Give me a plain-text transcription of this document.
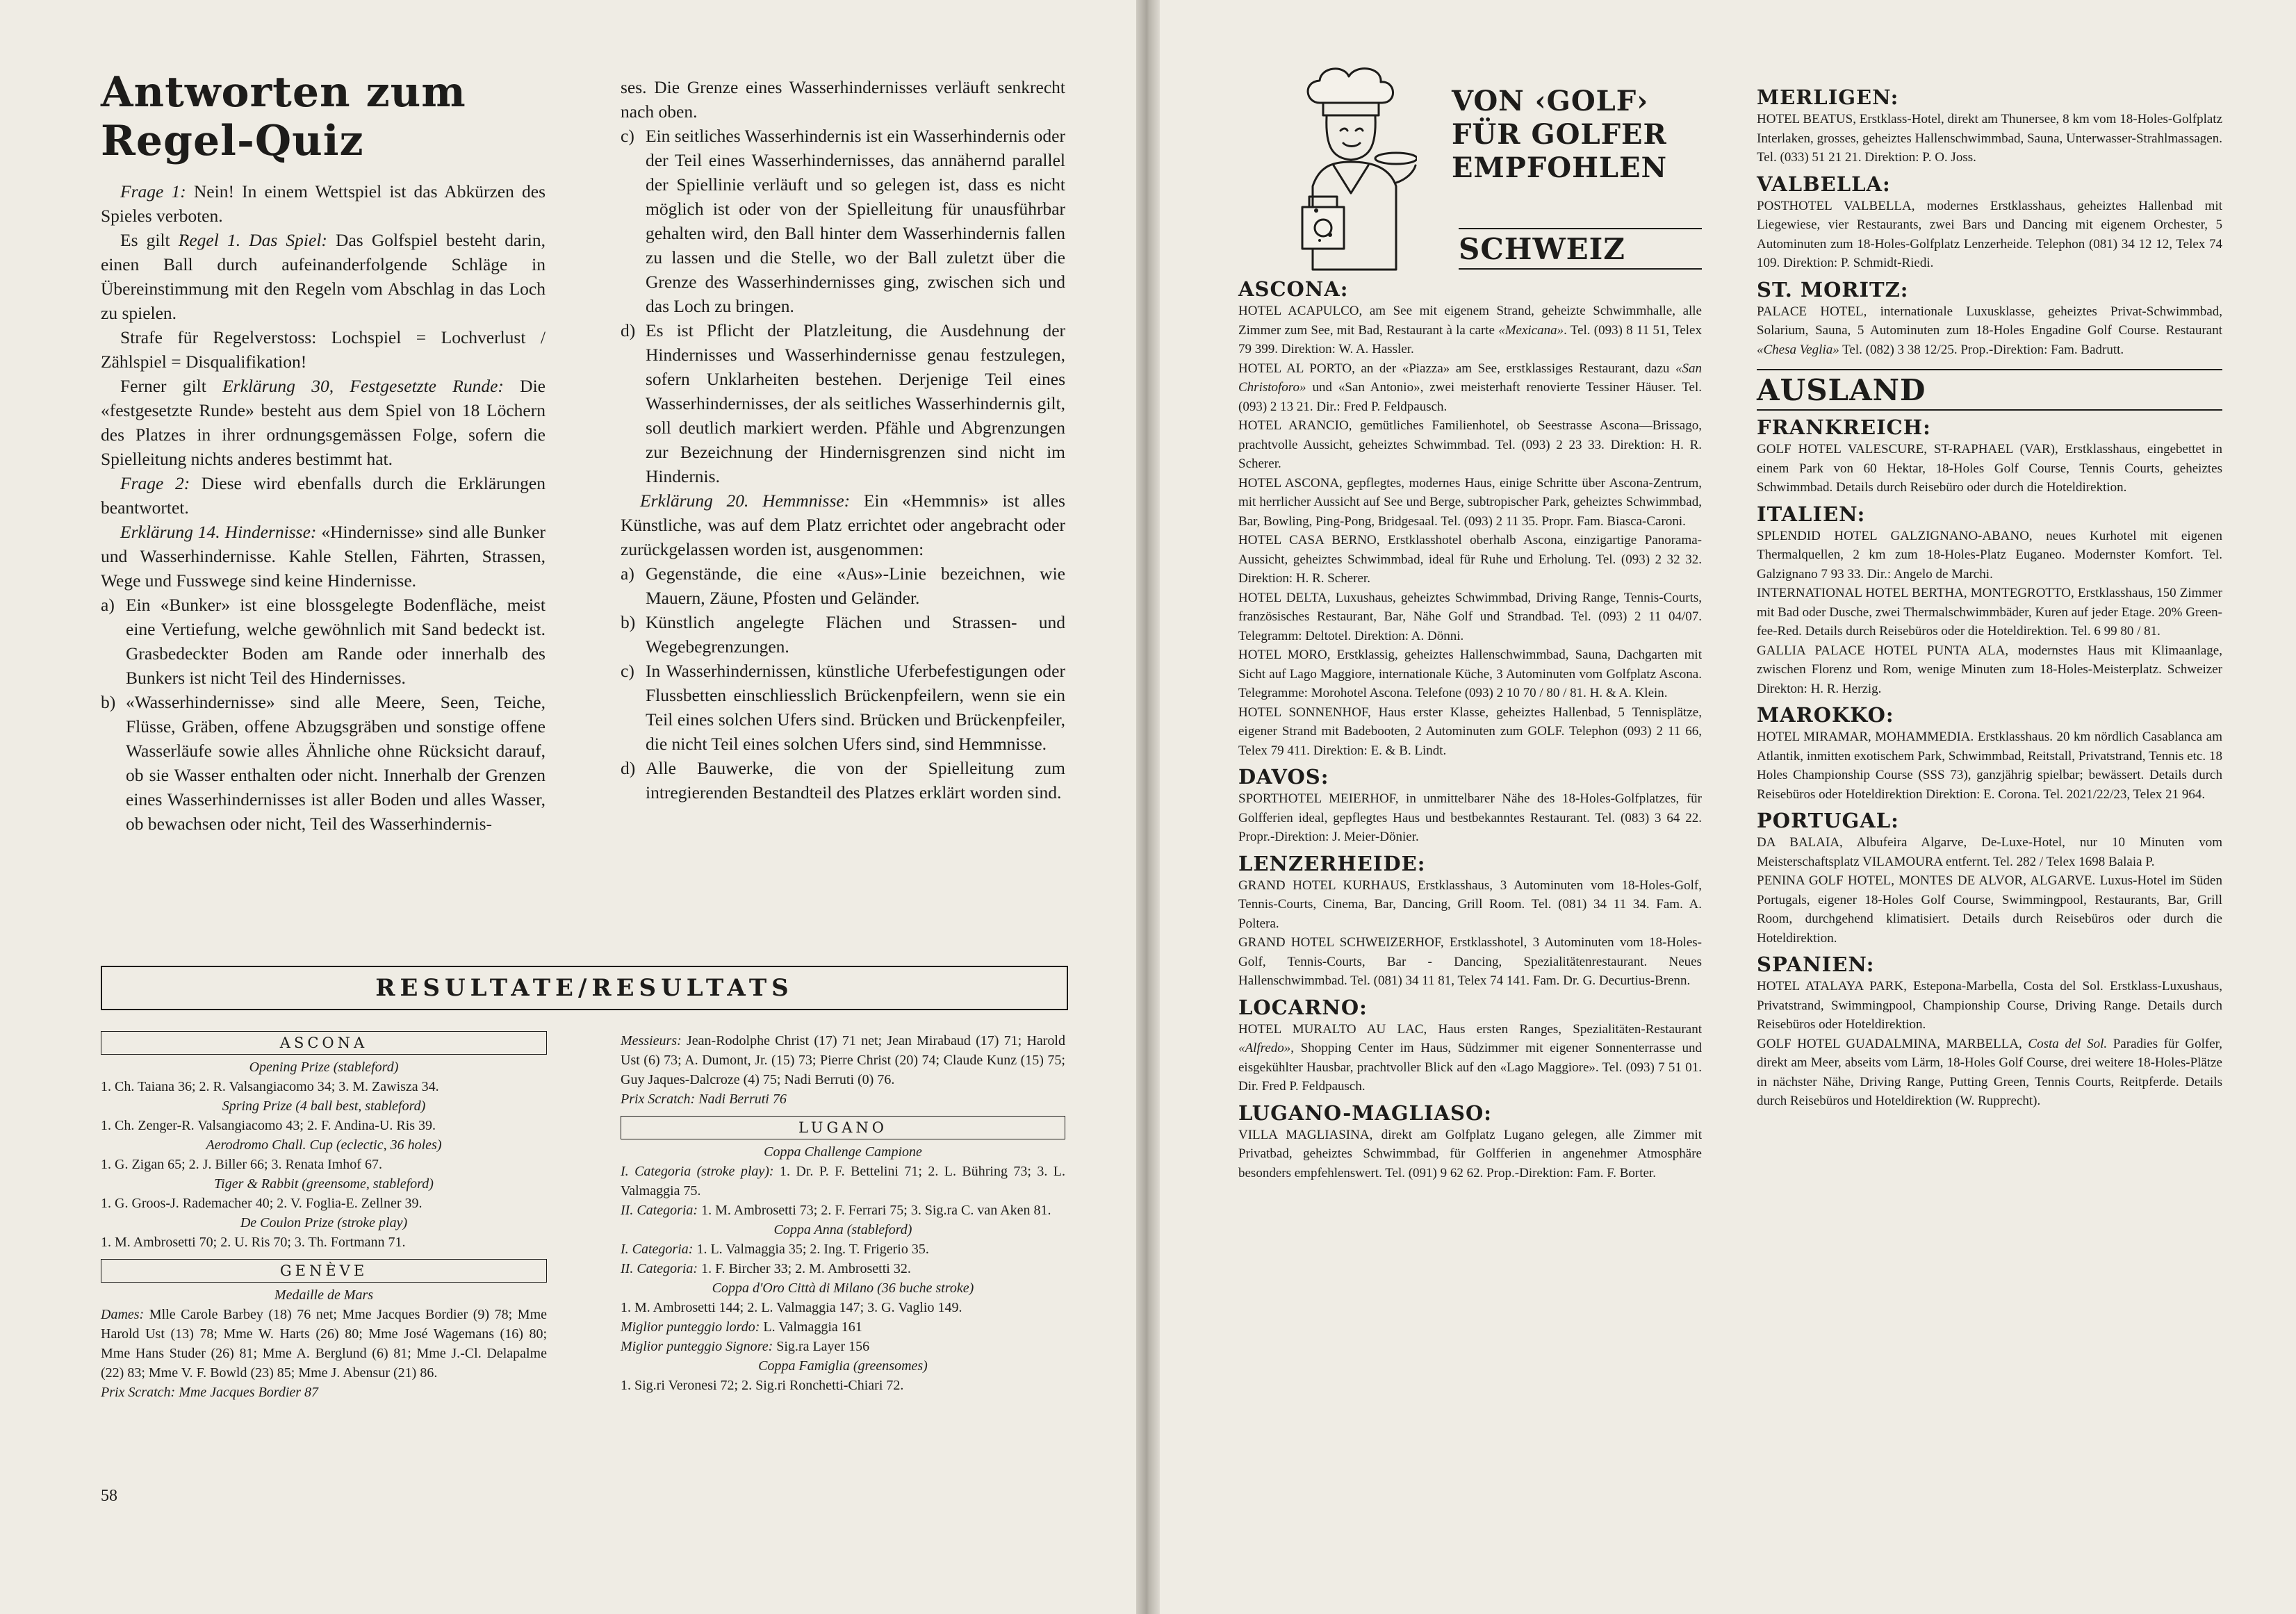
Antworten zum
Regel-Quiz

Frage 1: Nein! In einem Wettspiel ist das Abkürzen des Spieles verboten.

Es gilt Regel 1. Das Spiel: Das Golfspiel besteht darin, einen Ball durch aufeinanderfolgende Schläge in Übereinstimmung mit den Regeln vom Abschlag in das Loch zu spielen.

Strafe für Regelverstoss: Lochspiel = Lochverlust / Zählspiel = Disqualifikation!

Ferner gilt Erklärung 30, Festgesetzte Runde: Die «festgesetzte Runde» besteht aus dem Spiel von 18 Löchern des Platzes in ihrer ordnungsgemässen Folge, sofern die Spielleitung nichts anderes bestimmt hat.

Frage 2: Diese wird ebenfalls durch die Erklärungen beantwortet.

Erklärung 14. Hindernisse: «Hindernisse» sind alle Bunker und Wasserhindernisse. Kahle Stellen, Fährten, Strassen, Wege und Fusswege sind keine Hindernisse.

a) Ein «Bunker» ist eine blossgelegte Bodenfläche, meist eine Vertiefung, welche gewöhnlich mit Sand bedeckt ist. Grasbedeckter Boden am Rande oder innerhalb des Bunkers ist nicht Teil des Hindernisses.
b) «Wasserhindernisse» sind alle Meere, Seen, Teiche, Flüsse, Gräben, offene Abzugsgräben und sonstige offene Wasserläufe sowie alles Ähnliche ohne Rücksicht darauf, ob sie Wasser enthalten oder nicht. Innerhalb der Grenzen eines Wasserhindernisses ist aller Boden und alles Wasser, ob bewachsen oder nicht, Teil des Wasserhindernis-

ses. Die Grenze eines Wasserhindernisses verläuft senkrecht nach oben.

c) Ein seitliches Wasserhindernis ist ein Wasserhindernis oder der Teil eines Wasserhindernisses, das annähernd parallel der Spiellinie verläuft und so gelegen ist, dass es nicht möglich ist oder von der Spielleitung für unausführbar gehalten wird, den Ball hinter dem Wasserhindernis fallen zu lassen und die Stelle, wo der Ball zuletzt über die Grenze des Wasserhindernisses ging, zwischen sich und das Loch zu bringen.
d) Es ist Pflicht der Platzleitung, die Ausdehnung der Hindernisses und Wasserhindernisse genau festzulegen, sofern Unklarheiten bestehen. Derjenige Teil eines Wasserhindernisses, der als seitliches Wasserhindernis gilt, soll deutlich markiert werden. Pfähle und Abgrenzungen zur Bezeichnung der Hindernisgrenzen sind nicht im Hindernis.

Erklärung 20. Hemmnisse: Ein «Hemmnis» ist alles Künstliche, was auf dem Platz errichtet oder angebracht oder zurückgelassen worden ist, ausgenommen:

a) Gegenstände, die eine «Aus»-Linie bezeichnen, wie Mauern, Zäune, Pfosten und Geländer.
b) Künstlich angelegte Flächen und Strassen- und Wegebegrenzungen.
c) In Wasserhindernissen, künstliche Uferbefestigungen oder Flussbetten einschliesslich Brückenpfeilern, wenn sie ein Teil eines solchen Ufers sind. Brücken und Brückenpfeiler, die nicht Teil eines solchen Ufers sind, sind Hemmnisse.
d) Alle Bauwerke, die von der Spielleitung zum intregierenden Bestandteil des Platzes erklärt worden sind.
RESULTATE/RESULTATS
ASCONA
Opening Prize (stableford)
1. Ch. Taiana 36; 2. R. Valsangiacomo 34; 3. M. Zawisza 34.
Spring Prize (4 ball best, stableford)
1. Ch. Zenger-R. Valsangiacomo 43; 2. F. Andina-U. Ris 39.
Aerodromo Chall. Cup (eclectic, 36 holes)
1. G. Zigan 65; 2. J. Biller 66; 3. Renata Imhof 67.
Tiger & Rabbit (greensome, stableford)
1. G. Groos-J. Rademacher 40; 2. V. Foglia-E. Zellner 39.
De Coulon Prize (stroke play)
1. M. Ambrosetti 70; 2. U. Ris 70; 3. Th. Fortmann 71.
GENÈVE
Medaille de Mars
Dames: Mlle Carole Barbey (18) 76 net; Mme Jacques Bordier (9) 78; Mme Harold Ust (13) 78; Mme W. Harts (26) 80; Mme José Wagemans (16) 80; Mme Hans Studer (26) 81; Mme A. Berglund (6) 81; Mme J.-Cl. Delapalme (22) 83; Mme V. F. Bowld (23) 85; Mme J. Abensur (21) 86.
Prix Scratch: Mme Jacques Bordier 87
Messieurs: Jean-Rodolphe Christ (17) 71 net; Jean Mirabaud (17) 71; Harold Ust (6) 73; A. Dumont, Jr. (15) 73; Pierre Christ (20) 74; Claude Kunz (15) 75; Guy Jaques-Dalcroze (4) 75; Nadi Berruti (0) 76.
Prix Scratch: Nadi Berruti 76
LUGANO
Coppa Challenge Campione
I. Categoria (stroke play): 1. Dr. P. F. Bettelini 71; 2. L. Bühring 73; 3. L. Valmaggia 75.
II. Categoria: 1. M. Ambrosetti 73; 2. F. Ferrari 75; 3. Sig.ra C. van Aken 81.
Coppa Anna (stableford)
I. Categoria: 1. L. Valmaggia 35; 2. Ing. T. Frigerio 35.
II. Categoria: 1. F. Bircher 33; 2. M. Ambrosetti 32.
Coppa d'Oro Città di Milano (36 buche stroke)
1. M. Ambrosetti 144; 2. L. Valmaggia 147; 3. G. Vaglio 149.
Miglior punteggio lordo: L. Valmaggia 161
Miglior punteggio Signore: Sig.ra Layer 156
Coppa Famiglia (greensomes)
1. Sig.ri Veronesi 72; 2. Sig.ri Ronchetti-Chiari 72.
58
VON ‹GOLF›
FÜR GOLFER
EMPFOHLEN
SCHWEIZ
ASCONA:
HOTEL ACAPULCO, am See mit eigenem Strand, geheizte Schwimmhalle, alle Zimmer zum See, mit Bad, Restaurant à la carte «Mexicana». Tel. (093) 8 11 51, Telex 79 399. Direktion: W. A. Hassler.
HOTEL AL PORTO, an der «Piazza» am See, erstklassiges Restaurant, dazu «San Christoforo» und «San Antonio», zwei meisterhaft renovierte Tessiner Häuser. Tel. (093) 2 13 21. Dir.: Fred P. Feldpausch.
HOTEL ARANCIO, gemütliches Familienhotel, ob Seestrasse Ascona—Brissago, prachtvolle Aussicht, geheiztes Schwimmbad. Tel. (093) 2 23 33. Direktion: H. R. Scherer.
HOTEL ASCONA, gepflegtes, modernes Haus, einige Schritte über Ascona-Zentrum, mit herrlicher Aussicht auf See und Berge, subtropischer Park, geheiztes Schwimmbad, Bar, Bowling, Ping-Pong, Bridgesaal. Tel. (093) 2 11 35. Propr. Fam. Biasca-Caroni.
HOTEL CASA BERNO, Erstklasshotel oberhalb Ascona, einzigartige Panorama-Aussicht, geheiztes Schwimmbad, ideal für Ruhe und Erholung. Tel. (093) 2 32 32. Direktion: H. R. Scherer.
HOTEL DELTA, Luxushaus, geheiztes Schwimmbad, Driving Range, Tennis-Courts, französisches Restaurant, Bar, Nähe Golf und Strandbad. Tel. (093) 2 11 04/07. Telegramm: Deltotel. Direktion: A. Dönni.
HOTEL MORO, Erstklassig, geheiztes Hallenschwimmbad, Sauna, Dachgarten mit Sicht auf Lago Maggiore, internationale Küche, 3 Autominuten vom Golfplatz Ascona. Telegramme: Morohotel Ascona. Telefone (093) 2 10 70 / 80 / 81. H. & A. Klein.
HOTEL SONNENHOF, Haus erster Klasse, geheiztes Hallenbad, 5 Tennisplätze, eigener Strand mit Badebooten, 2 Autominuten zum GOLF. Telephon (093) 2 11 66, Telex 79 411. Direktion: E. & B. Lindt.
DAVOS:
SPORTHOTEL MEIERHOF, in unmittelbarer Nähe des 18-Holes-Golfplatzes, für Golfferien ideal, gepflegtes Haus und bestbekanntes Restaurant. Tel. (083) 3 64 22. Propr.-Direktion: J. Meier-Dönier.
LENZERHEIDE:
GRAND HOTEL KURHAUS, Erstklasshaus, 3 Autominuten vom 18-Holes-Golf, Tennis-Courts, Cinema, Bar, Dancing, Grill Room. Tel. (081) 34 11 34. Fam. A. Poltera.
GRAND HOTEL SCHWEIZERHOF, Erstklasshotel, 3 Autominuten vom 18-Holes-Golf, Tennis-Courts, Bar - Dancing, Spezialitätenrestaurant. Neues Hallenschwimmbad. Tel. (081) 34 11 81, Telex 74 141. Fam. Dr. G. Decurtius-Brenn.
LOCARNO:
HOTEL MURALTO AU LAC, Haus ersten Ranges, Spezialitäten-Restaurant «Alfredo», Shopping Center im Haus, Südzimmer mit eigener Sonnenterrasse und eisgekühlter Hausbar, prachtvoller Blick auf den «Lago Maggiore». Tel. (093) 7 51 01. Dir. Fred P. Feldpausch.
LUGANO-MAGLIASO:
VILLA MAGLIASINA, direkt am Golfplatz Lugano gelegen, alle Zimmer mit Privatbad, geheiztes Schwimmbad, für Golfferien in angenehmer Atmosphäre besonders empfehlenswert. Tel. (091) 9 62 62. Prop.-Direktion: Fam. F. Borter.
MERLIGEN:
HOTEL BEATUS, Erstklass-Hotel, direkt am Thunersee, 8 km vom 18-Holes-Golfplatz Interlaken, grosses, geheiztes Hallenschwimmbad, Sauna, Unterwasser-Strahlmassagen. Tel. (033) 51 21 21. Direktion: P. O. Joss.
VALBELLA:
POSTHOTEL VALBELLA, modernes Erstklasshaus, geheiztes Hallenbad mit Liegewiese, vier Restaurants, zwei Bars und Dancing mit eigenem Orchester, 5 Autominuten zum 18-Holes-Golfplatz Lenzerheide. Telephon (081) 34 12 12, Telex 74 109. Direktion: P. Schmidt-Riedi.
ST. MORITZ:
PALACE HOTEL, internationale Luxusklasse, geheiztes Privat-Schwimmbad, Solarium, Sauna, 5 Autominuten zum 18-Holes Engadine Golf Course. Restaurant «Chesa Veglia» Tel. (082) 3 38 12/25. Prop.-Direktion: Fam. Badrutt.
AUSLAND
FRANKREICH:
GOLF HOTEL VALESCURE, ST-RAPHAEL (VAR), Erstklasshaus, eingebettet in einem Park von 60 Hektar, 18-Holes Golf Course, Tennis Courts, geheiztes Schwimmbad. Details durch Reisebüro oder durch die Hoteldirektion.
ITALIEN:
SPLENDID HOTEL GALZIGNANO-ABANO, neues Kurhotel mit eigenen Thermalquellen, 2 km zum 18-Holes-Platz Euganeo. Modernster Komfort. Tel. Galzignano 7 93 33. Dir.: Angelo de Marchi.
INTERNATIONAL HOTEL BERTHA, MONTEGROTTO, Erstklasshaus, 150 Zimmer mit Bad oder Dusche, zwei Thermalschwimmbäder, Kuren auf jeder Etage. 20% Green-fee-Red. Details durch Reisebüros oder die Hoteldirektion. Tel. 6 99 80 / 81.
GALLIA PALACE HOTEL PUNTA ALA, modernstes Haus mit Klimaanlage, zwischen Florenz und Rom, wenige Minuten zum 18-Holes-Meisterplatz. Schweizer Direkton: H. R. Herzig.
MAROKKO:
HOTEL MIRAMAR, MOHAMMEDIA. Erstklasshaus. 20 km nördlich Casablanca am Atlantik, inmitten exotischem Park, Schwimmbad, Reitstall, Privatstrand, Tennis etc. 18 Holes Championship Course (SSS 73), ganzjährig spielbar; bewässert. Details durch Reisebüros oder Hoteldirektion Direktion: E. Corona. Tel. 2021/22/23, Telex 21 964.
PORTUGAL:
DA BALAIA, Albufeira Algarve, De-Luxe-Hotel, nur 10 Minuten vom Meisterschaftsplatz VILAMOURA entfernt. Tel. 282 / Telex 1698 Balaia P.
PENINA GOLF HOTEL, MONTES DE ALVOR, ALGARVE. Luxus-Hotel im Süden Portugals, eigener 18-Holes Golf Course, Swimmingpool, Restaurants, Bar, Grill Room, durchgehend klimatisiert. Details durch Reisebüros oder durch die Hoteldirektion.
SPANIEN:
HOTEL ATALAYA PARK, Estepona-Marbella, Costa del Sol. Erstklass-Luxushaus, Privatstrand, Swimmingpool, Championship Course, Driving Range. Details durch Reisebüros oder Hoteldirektion.
GOLF HOTEL GUADALMINA, MARBELLA, Costa del Sol. Paradies für Golfer, direkt am Meer, abseits vom Lärm, 18-Holes Golf Course, drei weitere 18-Holes-Plätze in nächster Nähe, Driving Range, Putting Green, Tennis Courts, Reitpferde. Details durch Reisebüros und Hoteldirektion (W. Rupprecht).
